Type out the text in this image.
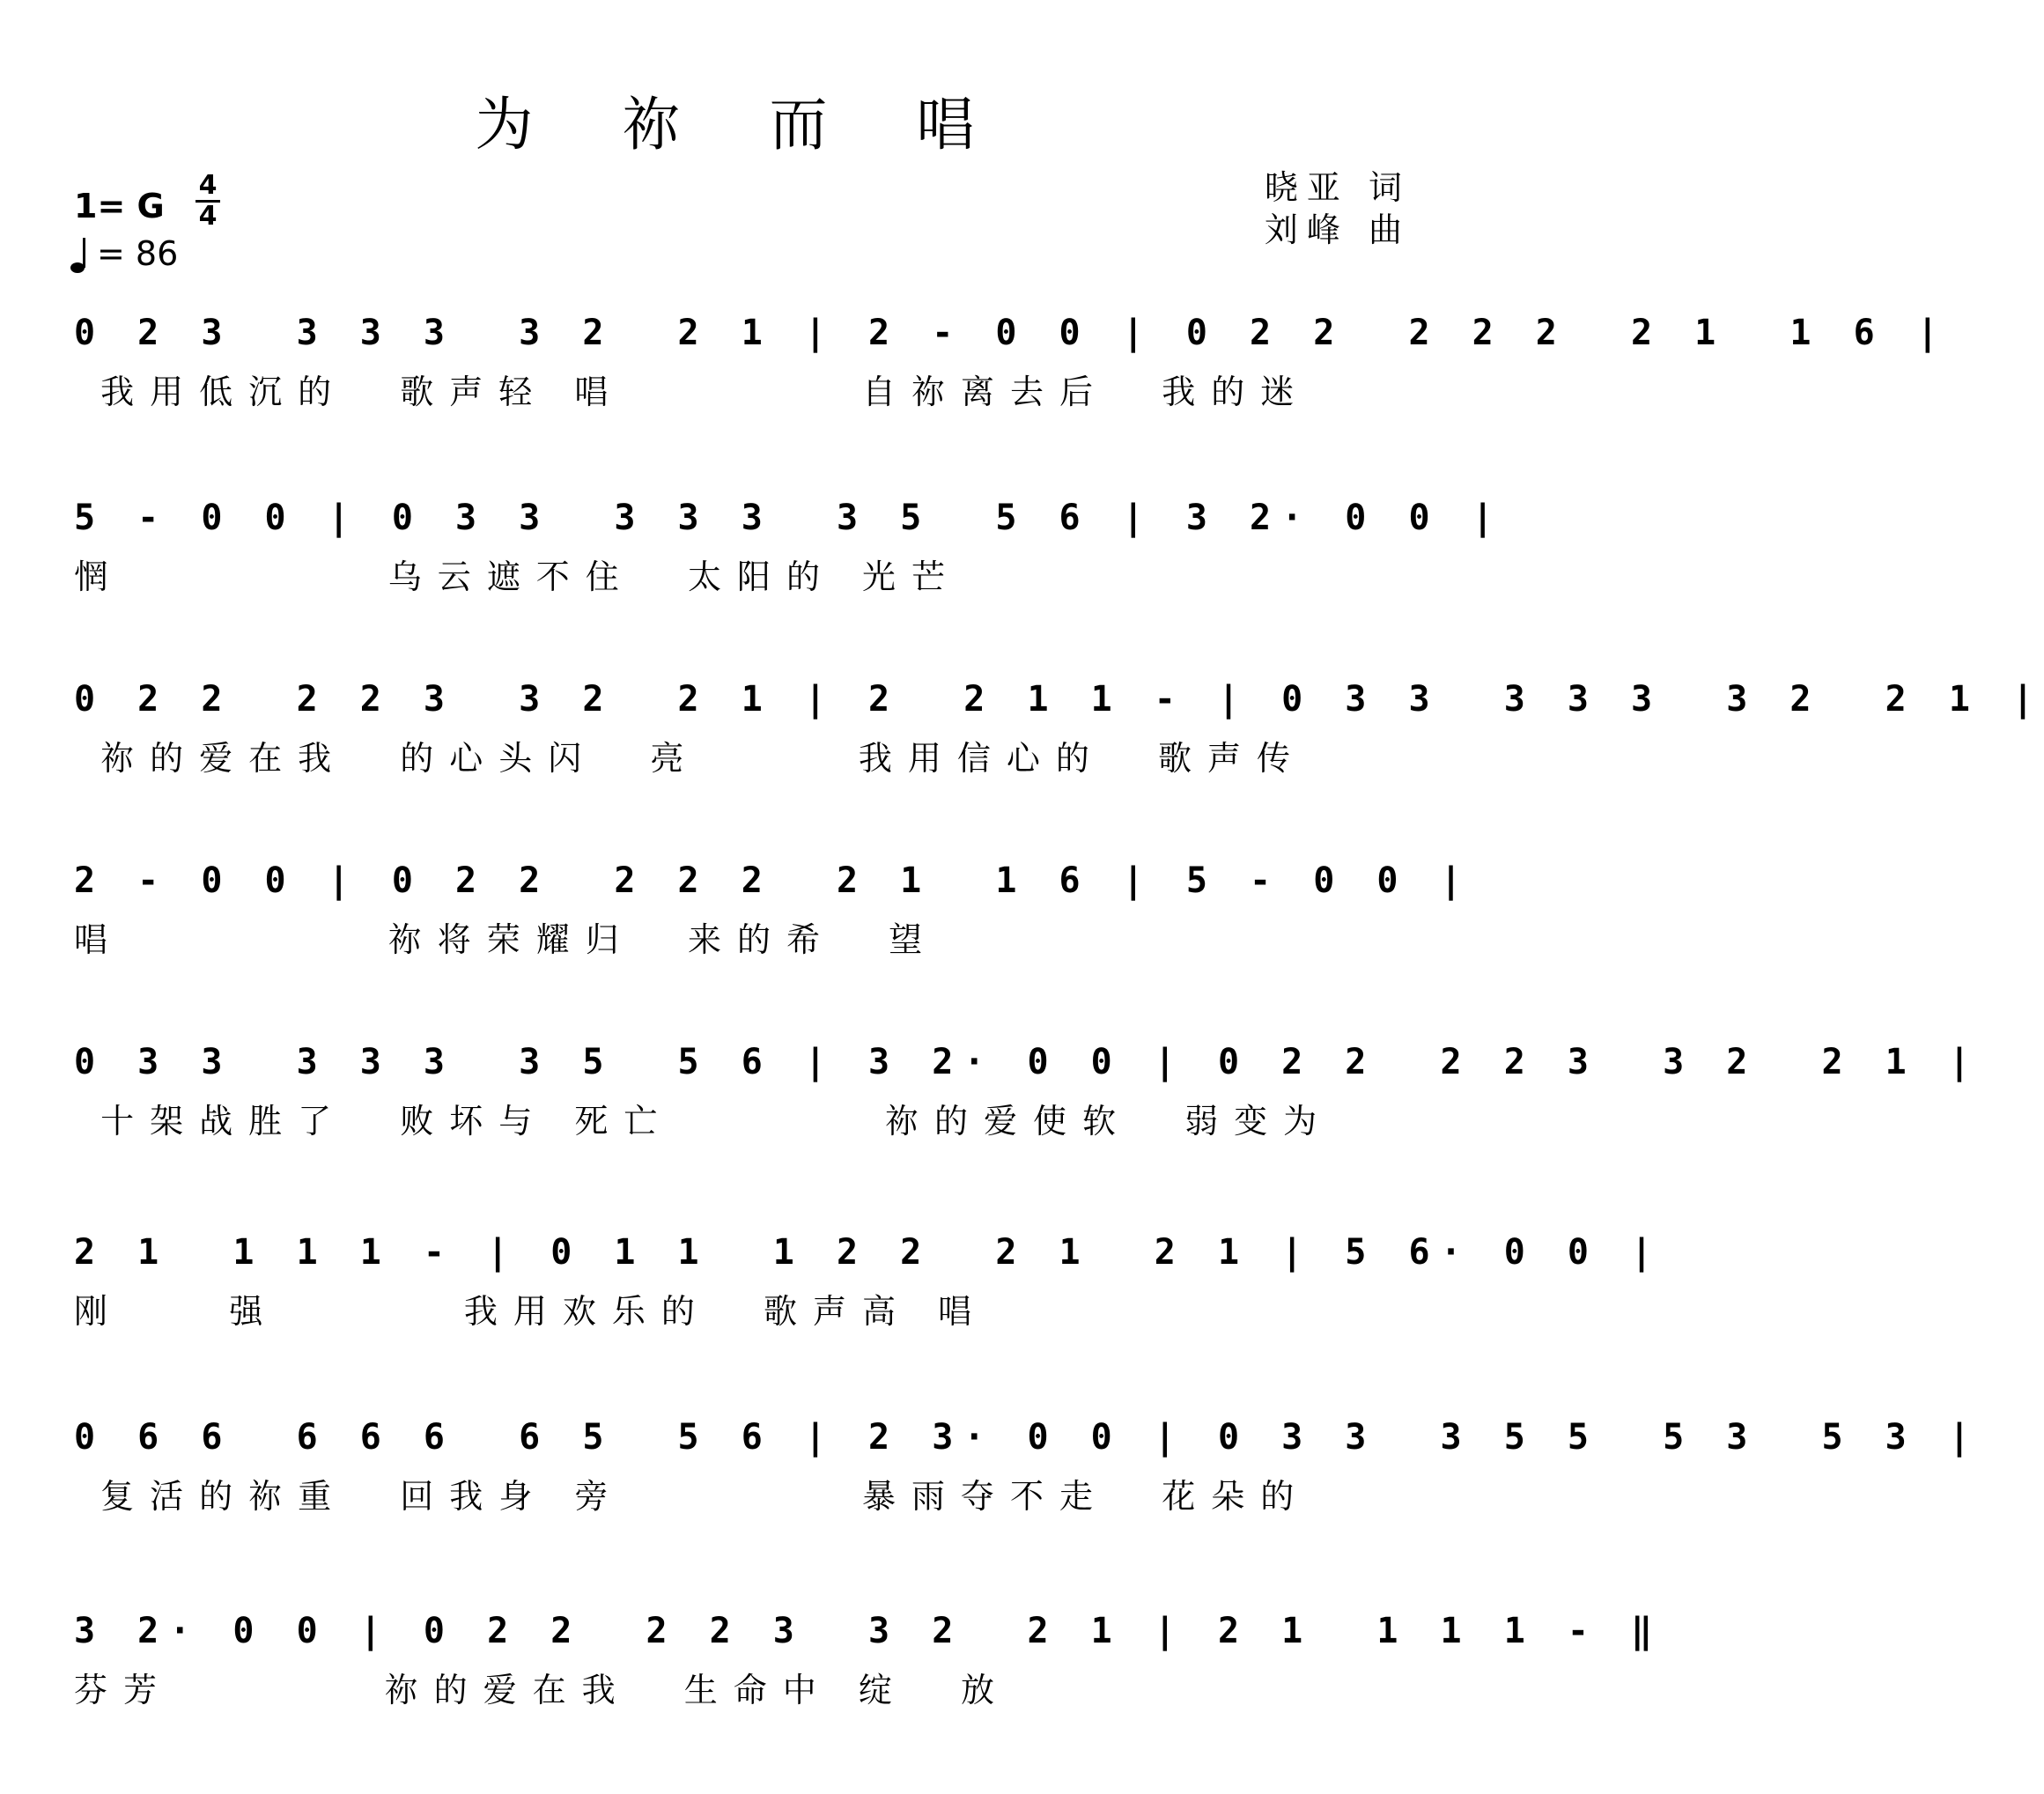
为 祢 而 唱
晓亚 词
刘峰 曲
1= G
4
4
= 86
0 2 3  3 3 3  3 2  2 1 | 2 - 0 0 | 0 2 2  2 2 2  2 1  1 6 |
我用低沉的  歌声轻 唱         自祢离去后  我的迷
5 - 0 0 | 0 3 3  3 3 3  3 5  5 6 | 3 2· 0 0 |
惘          乌云遮不住  太阳的 光芒
0 2 2  2 2 3  3 2  2 1 | 2  2 1 1 - | 0 3 3  3 3 3  3 2  2 1 |
祢的爱在我  的心头闪  亮      我用信心的  歌声传
2 - 0 0 | 0 2 2  2 2 2  2 1  1 6 | 5 - 0 0 |
唱          祢将荣耀归  来的希  望
0 3 3  3 3 3  3 5  5 6 | 3 2· 0 0 | 0 2 2  2 2 3  3 2  2 1 |
十架战胜了  败坏与 死亡        祢的爱使软  弱变为
2 1  1 1 1 - | 0 1 1  1 2 2  2 1  2 1 | 5 6· 0 0 |
刚    强       我用欢乐的  歌声高 唱
0 6 6  6 6 6  6 5  5 6 | 2 3· 0 0 | 0 3 3  3 5 5  5 3  5 3 |
复活的祢重  回我身 旁         暴雨夺不走  花朵的
3 2· 0 0 | 0 2 2  2 2 3  3 2  2 1 | 2 1  1 1 1 - ‖
芬芳        祢的爱在我  生命中 绽  放
